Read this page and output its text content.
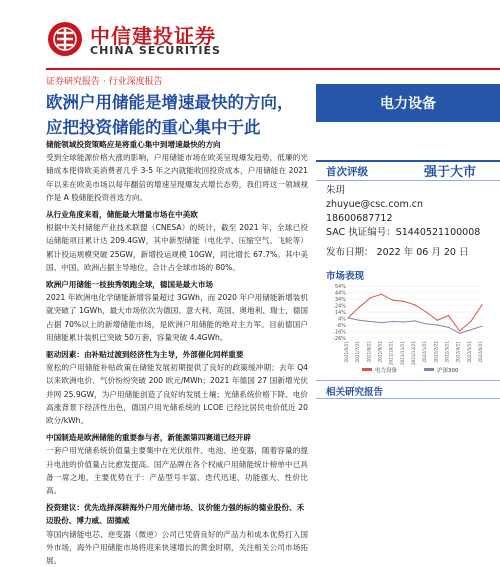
中信建投证券
CHINA SECURITIES
证券研究报告 · 行业深度报告
欧洲户用储能是增速最快的方向，
应把投资储能的重心集中于此
电力设备
首次评级	强于大市
朱玥
zhuyue@csc.com.cn
18600687712
SAC 执证编号：S1440521100008
发布日期： 2022 年 06 月 20 日
市场表现
54%
44%
34%
24%
14%
4%
-6%
-16%
-26%
2021/6/21 2021/7/21 2021/8/21 2021/9/21 2021/10/21 2021/11/21 2021/12/21 2022/1/21 2022/2/21 2022/3/21 2022/4/21 2022/5/21 2022/6/21
电力设备	沪深300
相关研究报告

储能领域投资策略应是将重心集中到增速最快的方向

受到全球能源价格大涨的影响，户用储能市场在欧美呈现爆发趋势，低廉的光储成本使得欧美消费者几乎 3-5 年之内就能收回投资成本，户用储能在 2021 年以来在欧美市场以每年翻倍的增速呈现爆发式增长态势，我们将这一领域视作是 A 股储能投资首选方向。

从行业角度来看，储能最大增量市场在中美欧

根据中关村储能产业技术联盟（CNESA）的统计，截至 2021 年，全球已投运储能项目累计达 209.4GW，其中新型储能（电化学、压缩空气、飞轮等）累计投运规模突破 25GW，新增投运规模 10GW，同比增长 67.7%。其中美国、中国、欧洲占据主导地位，合计占全球市场的 80%。

欧洲户用储能一枝独秀领跑全球，德国是最大市场

2021 年欧洲电化学储能新增容量超过 3GWh，而 2020 年户用储能新增装机就突破了 1GWh，最大市场依次为德国、意大利、英国、奥地利、瑞士，德国占据 70%以上的新增储能市场，是欧洲户用储能的绝对主力军。目前德国户用储能累计装机已突破 50万套，容量突破 4.4GWh。

驱动因素：由补贴过渡到经济性为主导，外部催化同样重要

宽松的户用储能补贴政策在储能发展初期提供了良好的政策缓冲期；去年 Q4 以来欧洲电价、气价纷纷突破 200 欧元/MWh；2021 年德国 27 国新增光伏并网 25.9GW，为户用储能创造了良好的发展土壤；光储系统价格下降、电价高涨背景下经济性出色，德国户用光储系统的 LCOE 已经比居民电价低近 20 欧分/kWh。

中国制造是欧洲储能的重要参与者，新能源第四赛道已经开辟

一套户用光储系统价值量主要集中在光伏组件、电池、逆变器，随着容量的提升电池的价值量占比愈发提高。国产品牌在各个权威户用储能统计榜单中已具备一席之地，主要优势在于：产品型号丰富、迭代迅速、功能强大、性价比高。

投资建议：优先选择深耕海外户用光储市场、议价能力强的标的德业股份、禾迈股份、博力威、固德威

等国内储能电芯、逆变器（微逆）公司已凭借良好的产品力和成本优势打入国外市场，海外户用储能市场将迎来快速增长的黄金时期，关注相关公司市场拓展。
